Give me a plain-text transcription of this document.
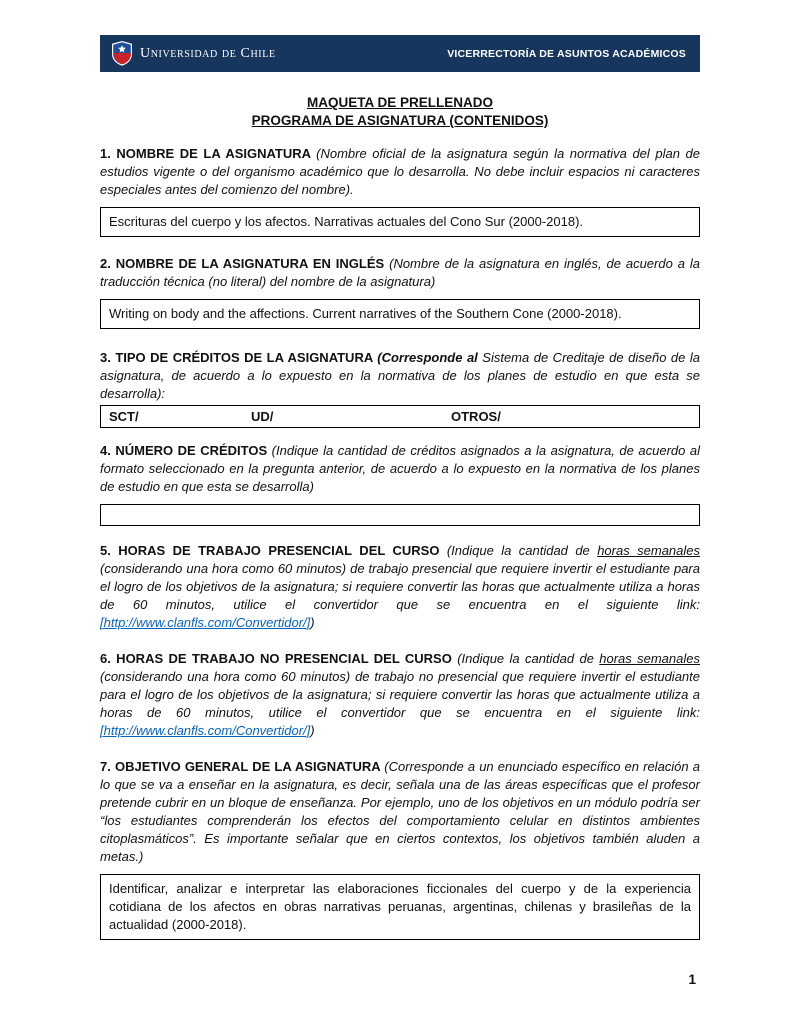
Universidad de Chile	VICERRECTORÍA DE ASUNTOS ACADÉMICOS
MAQUETA DE PRELLENADO
PROGRAMA DE ASIGNATURA (CONTENIDOS)

1. NOMBRE DE LA ASIGNATURA (Nombre oficial de la asignatura según la normativa del plan de estudios vigente o del organismo académico que lo desarrolla. No debe incluir espacios ni caracteres especiales antes del comienzo del nombre).

Escrituras del cuerpo y los afectos. Narrativas actuales del Cono Sur (2000-2018).

2. NOMBRE DE LA ASIGNATURA EN INGLÉS (Nombre de la asignatura en inglés, de acuerdo a la traducción técnica (no literal) del nombre de la asignatura)

Writing on body and the affections. Current narratives of the Southern Cone (2000-2018).

3. TIPO DE CRÉDITOS DE LA ASIGNATURA (Corresponde al Sistema de Creditaje de diseño de la asignatura, de acuerdo a lo expuesto en la normativa de los planes de estudio en que esta se desarrolla):

SCT/	UD/	OTROS/

4. NÚMERO DE CRÉDITOS (Indique la cantidad de créditos asignados a la asignatura, de acuerdo al formato seleccionado en la pregunta anterior, de acuerdo a lo expuesto en la normativa de los planes de estudio en que esta se desarrolla)

5. HORAS DE TRABAJO PRESENCIAL DEL CURSO (Indique la cantidad de horas semanales (considerando una hora como 60 minutos) de trabajo presencial que requiere invertir el estudiante para el logro de los objetivos de la asignatura; si requiere convertir las horas que actualmente utiliza a horas de 60 minutos, utilice el convertidor que se encuentra en el siguiente link: [http://www.clanfls.com/Convertidor/])

6. HORAS DE TRABAJO NO PRESENCIAL DEL CURSO (Indique la cantidad de horas semanales (considerando una hora como 60 minutos) de trabajo no presencial que requiere invertir el estudiante para el logro de los objetivos de la asignatura; si requiere convertir las horas que actualmente utiliza a horas de 60 minutos, utilice el convertidor que se encuentra en el siguiente link: [http://www.clanfls.com/Convertidor/])

7. OBJETIVO GENERAL DE LA ASIGNATURA (Corresponde a un enunciado específico en relación a lo que se va a enseñar en la asignatura, es decir, señala una de las áreas específicas que el profesor pretende cubrir en un bloque de enseñanza. Por ejemplo, uno de los objetivos en un módulo podría ser “los estudiantes comprenderán los efectos del comportamiento celular en distintos ambientes citoplasmáticos”. Es importante señalar que en ciertos contextos, los objetivos también aluden a metas.)

Identificar, analizar e interpretar las elaboraciones ficcionales del cuerpo y de la experiencia cotidiana de los afectos en obras narrativas peruanas, argentinas, chilenas y brasileñas de la actualidad (2000-2018).
1
